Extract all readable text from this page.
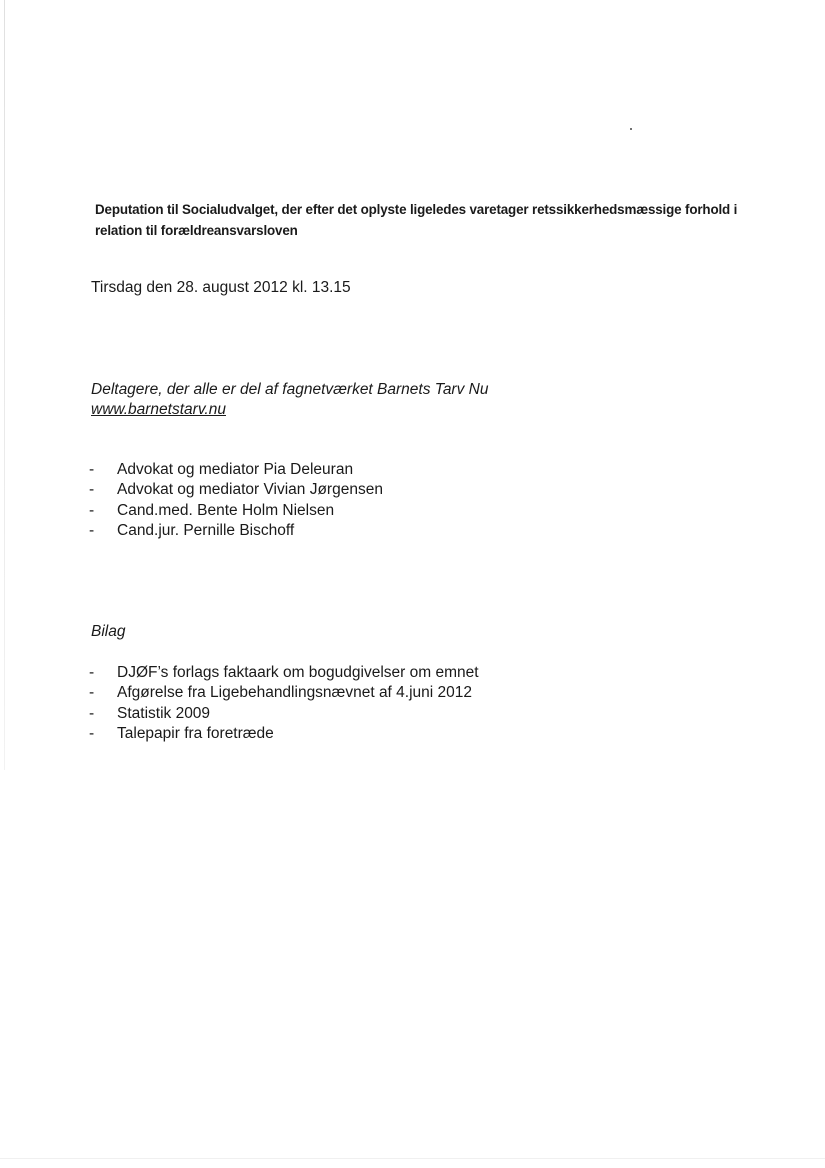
Deputation til Socialudvalget, der efter det oplyste ligeledes varetager retssikkerhedsmæssige forhold i relation til forældreansvarsloven
Tirsdag den 28. august 2012 kl. 13.15
Deltagere, der alle er del af fagnetværket Barnets Tarv Nu
www.barnetstarv.nu
- Advokat og mediator Pia Deleuran
- Advokat og mediator Vivian Jørgensen
- Cand.med. Bente Holm Nielsen
- Cand.jur. Pernille Bischoff
Bilag
- DJØF’s forlags faktaark om bogudgivelser om emnet
- Afgørelse fra Ligebehandlingsnævnet af 4.juni 2012
- Statistik 2009
- Talepapir fra foretræde
